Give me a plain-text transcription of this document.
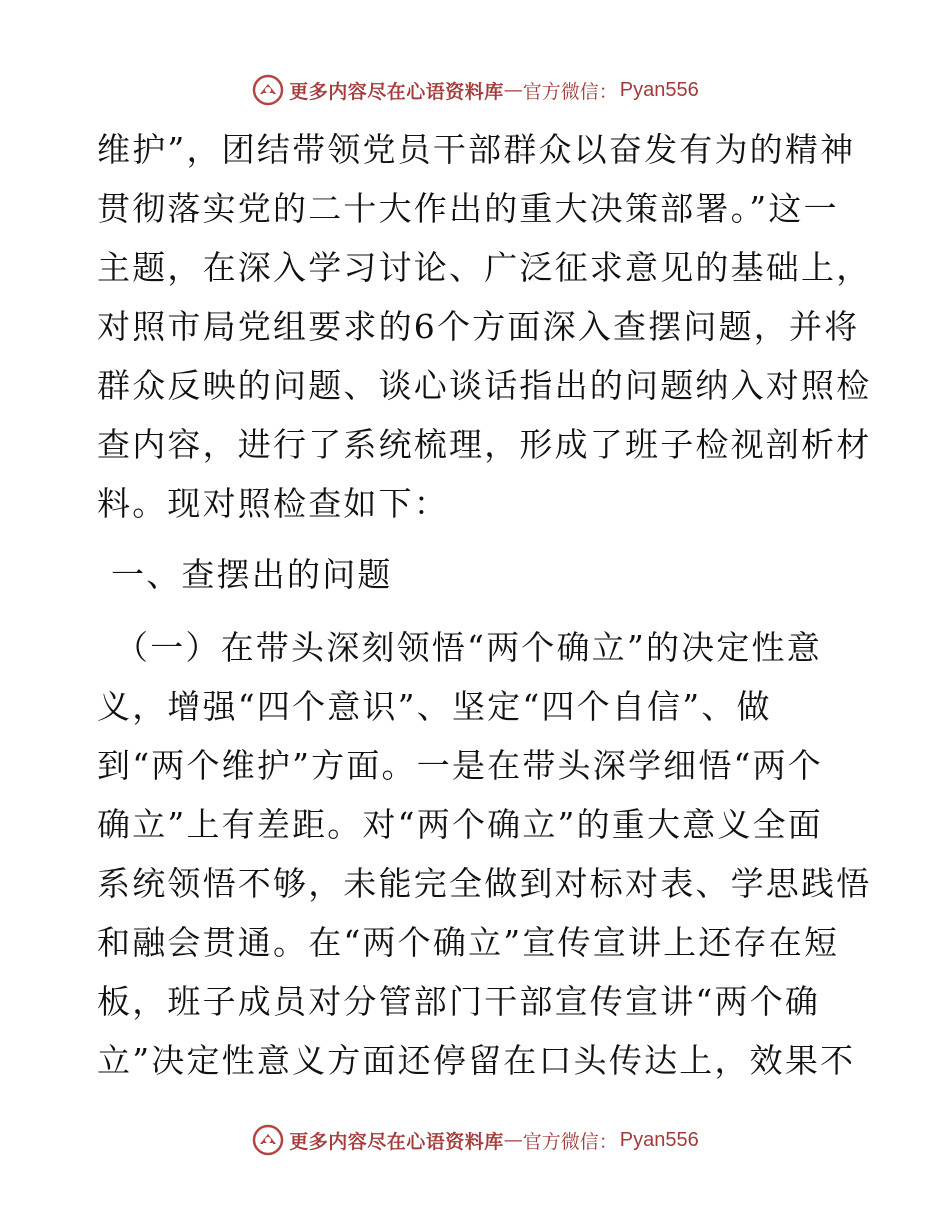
更多内容尽在心语资料库 — 官方微信： Pyan556
维护”，团结带领党员干部群众以奋发有为的精神
贯彻落实党的二十大作出的重大决策部署。”这一
主题，在深入学习讨论、广泛征求意见的基础上，
对照市局党组要求的6个方面深入查摆问题，并将
群众反映的问题、谈心谈话指出的问题纳入对照检
查内容，进行了系统梳理，形成了班子检视剖析材
料。现对照检查如下：
一、查摆出的问题
（一）在带头深刻领悟“两个确立”的决定性意
义，增强“四个意识”、坚定“四个自信”、做
到“两个维护”方面。一是在带头深学细悟“两个
确立”上有差距。对“两个确立”的重大意义全面
系统领悟不够，未能完全做到对标对表、学思践悟
和融会贯通。在“两个确立”宣传宣讲上还存在短
板，班子成员对分管部门干部宣传宣讲“两个确
立”决定性意义方面还停留在口头传达上，效果不
更多内容尽在心语资料库 — 官方微信： Pyan556
